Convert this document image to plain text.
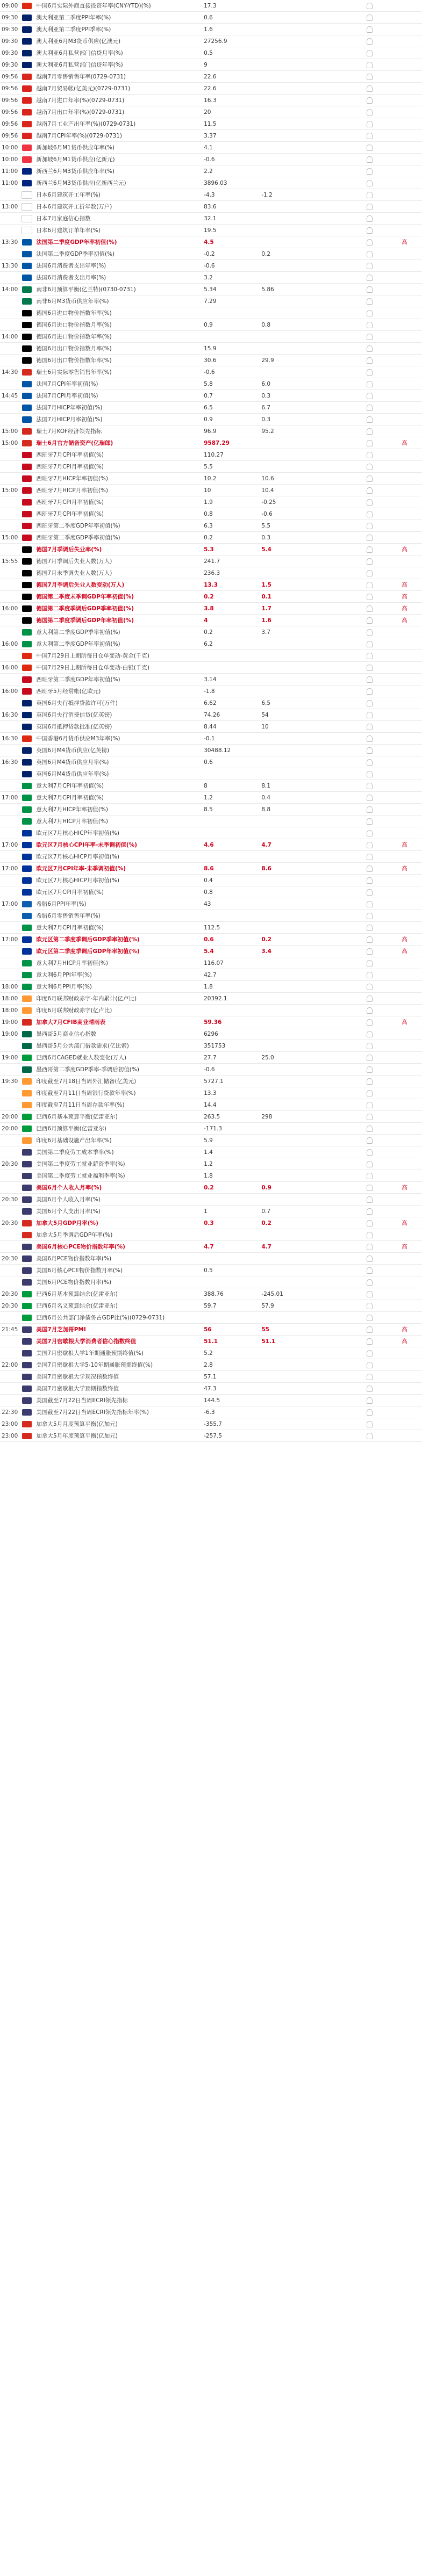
09:00	中国6月实际外商直接投资年率(CNY-YTD)(%)	17.3
09:30	澳大利亚第二季度PPI年率(%)	0.6
09:30	澳大利亚第二季度PPI季率(%)	1.6
09:30	澳大利亚6月M3货币供应(亿澳元)	27256.9
09:30	澳大利亚6月私营部门信贷月率(%)	0.5
09:30	澳大利亚6月私营部门信贷年率(%)	9
09:56	越南7月零售销售年率(0729-0731)	22.6
09:56	越南7月贸易帐(亿美元)(0729-0731)	22.6
09:56	越南7月进口年率(%)(0729-0731)	16.3
09:56	越南7月出口年率(%)(0729-0731)	20
09:56	越南7月工业产出年率(%)(0729-0731)	11.5
09:56	越南7月CPI年率(%)(0729-0731)	3.37
10:00	新加坡6月M1货币供应年率(%)	4.1
10:00	新加坡6月M1货币供应(亿新元)	-0.6
11:00	新西兰6月M3货币供应年率(%)	2.2
11:00	新西兰6月M3货币供应(亿新西兰元)	3896.03
日本6月建筑开工年率(%)	-4.3	-1.2
13:00	日本6月建筑开工折年数(万户)	83.6
日本7月家庭信心指数	32.1
日本6月建筑订单年率(%)	19.5
13:30	法国第二季度GDP年率初值(%)	4.5	高
法国第二季度GDP季率初值(%)	-0.2	0.2
13:30	法国6月消费者支出年率(%)	-0.6
法国6月消费者支出月率(%)	3.2
14:00	南非6月预算平衡(亿兰特)(0730-0731)	5.34	5.86
南非6月M3货币供应年率(%)	7.29
德国6月进口物价指数年率(%)
德国6月进口物价指数月率(%)	0.9	0.8
14:00	德国6月进口物价指数年率(%)
德国6月出口物价指数月率(%)	15.9
德国6月出口物价指数年率(%)	30.6	29.9
14:30	瑞士6月实际零售销售年率(%)	-0.6
法国7月CPI年率初值(%)	5.8	6.0
14:45	法国7月CPI月率初值(%)	0.7	0.3
法国7月HICP年率初值(%)	6.5	6.7
法国7月HICP月率初值(%)	0.9	0.3
15:00	瑞士7月KOF经济领先指标	96.9	95.2
15:00	瑞士6月官方储备资产(亿瑞郎)	9587.29	高
西班牙7月CPI年率初值(%)	110.27
西班牙7月CPI月率初值(%)	5.5
西班牙7月HICP年率初值(%)	10.2	10.6
15:00	西班牙7月HICP月率初值(%)	10	10.4
西班牙7月CPI月率初值(%)	1.9	-0.25
西班牙7月CPI年率初值(%)	0.8	-0.6
西班牙第二季度GDP年率初值(%)	6.3	5.5
15:00	西班牙第二季度GDP季率初值(%)	0.2	0.3
德国7月季调后失业率(%)	5.3	5.4	高
15:55	德国7月季调后失业人数(万人)	241.7
德国7月未季调失业人数(万人)	236.3
德国7月季调后失业人数变动(万人)	13.3	1.5	高
德国第二季度未季调GDP年率初值(%)	0.2	0.1	高
16:00	德国第二季度季调后GDP季率初值(%)	3.8	1.7	高
德国第二季度季调后GDP年率初值(%)	4	1.6	高
意大利第二季度GDP季率初值(%)	0.2	3.7
16:00	意大利第二季度GDP年率初值(%)	6.2
中国7月29日上期所每日仓单变动-黄金(千克)
16:00	中国7月29日上期所每日仓单变动-白银(千克)
西班牙第二季度GDP年率初值(%)	3.14
16:00	西班牙5月经常帐(亿欧元)	-1.8
英国6月央行抵押贷款许可(万件)	6.62	6.5
16:30	英国6月央行消费信贷(亿英镑)	74.26	54
英国6月抵押贷款批准(亿英镑)	8.44	10
16:30	中国香港6月货币供应M3年率(%)	-0.1
英国6月M4货币供应(亿英镑)	30488.12
16:30	英国6月M4货币供应月率(%)	0.6
英国6月M4货币供应年率(%)
意大利7月CPI年率初值(%)	8	8.1
17:00	意大利7月CPI月率初值(%)	1.2	0.4
意大利7月HICP年率初值(%)	8.5	8.8
意大利7月HICP月率初值(%)
欧元区7月核心HICP年率初值(%)
17:00	欧元区7月核心CPI年率-未季调初值(%)	4.6	4.7	高
欧元区7月核心HICP月率初值(%)
17:00	欧元区7月CPI年率-未季调初值(%)	8.6	8.6	高
欧元区7月核心HICP月率初值(%)	0.4
欧元区7月CPI月率初值(%)	0.8
17:00	希腊6月PPI年率(%)	43
希腊6月零售销售年率(%)
意大利7月CPI月率初值(%)	112.5
17:00	欧元区第二季度季调后GDP季率初值(%)	0.6	0.2	高
欧元区第二季度季调后GDP年率初值(%)	5.4	3.4	高
意大利7月HICP月率初值(%)	116.07
意大利6月PPI年率(%)	42.7
18:00	意大利6月PPI月率(%)	1.8
18:00	印度6月联邦财政赤字-年内累计(亿卢比)	20392.1
18:00	印度6月联邦财政赤字(亿卢比)
19:00	加拿大7月CFIB商业晴雨表	59.36	高
19:00	墨西哥5月商业信心指数	6296
墨西哥5月公共部门借款需求(亿比索)	351753
19:00	巴西6月CAGED就业人数变化(万人)	27.7	25.0
墨西哥第二季度GDP季率-季调后初值(%)	-0.6
19:30	印度截至7月18日当周外汇储备(亿美元)	5727.1
印度截至7月11日当周银行贷款年率(%)	13.3
印度截至7月11日当周存款年率(%)	14.4
20:00	巴西6月基本预算平衡(亿雷亚尔)	263.5	298
20:00	巴西6月预算平衡(亿雷亚尔)	-171.3
印度6月基础设施产出年率(%)	5.9
美国第二季度劳工成本季率(%)	1.4
20:30	美国第二季度劳工就业薪资季率(%)	1.2
美国第二季度劳工就业福利季率(%)	1.8
美国6月个人收入月率(%)	0.2	0.9	高
20:30	美国6月个人收入月率(%)
美国6月个人支出月率(%)	1	0.7
20:30	加拿大5月GDP月率(%)	0.3	0.2	高
加拿大5月季调后GDP年率(%)
美国6月核心PCE物价指数年率(%)	4.7	4.7	高
20:30	美国6月PCE物价指数年率(%)
美国6月核心PCE物价指数月率(%)	0.5
美国6月PCE物价指数月率(%)
20:30	巴西6月基本预算结余(亿雷亚尔)	388.76	-245.01
20:30	巴西6月名义预算结余(亿雷亚尔)	59.7	57.9
巴西6月公共部门净债务占GDP比(%)(0729-0731)
21:45	美国7月芝加哥PMI	56	55	高
美国7月密歇根大学消费者信心指数终值	51.1	51.1	高
美国7月密歇根大学1年期通胀预期终值(%)	5.2
22:00	美国7月密歇根大学5-10年期通胀预期终值(%)	2.8
美国7月密歇根大学现况指数终值	57.1
美国7月密歇根大学预期指数终值	47.3
美国截至7月22日当周ECRI领先指标	144.5
22:30	美国截至7月22日当周ECRI领先指标年率(%)	-6.3
23:00	加拿大5月月度预算平衡(亿加元)	-355.7
23:00	加拿大5月年度预算平衡(亿加元)	-257.5
